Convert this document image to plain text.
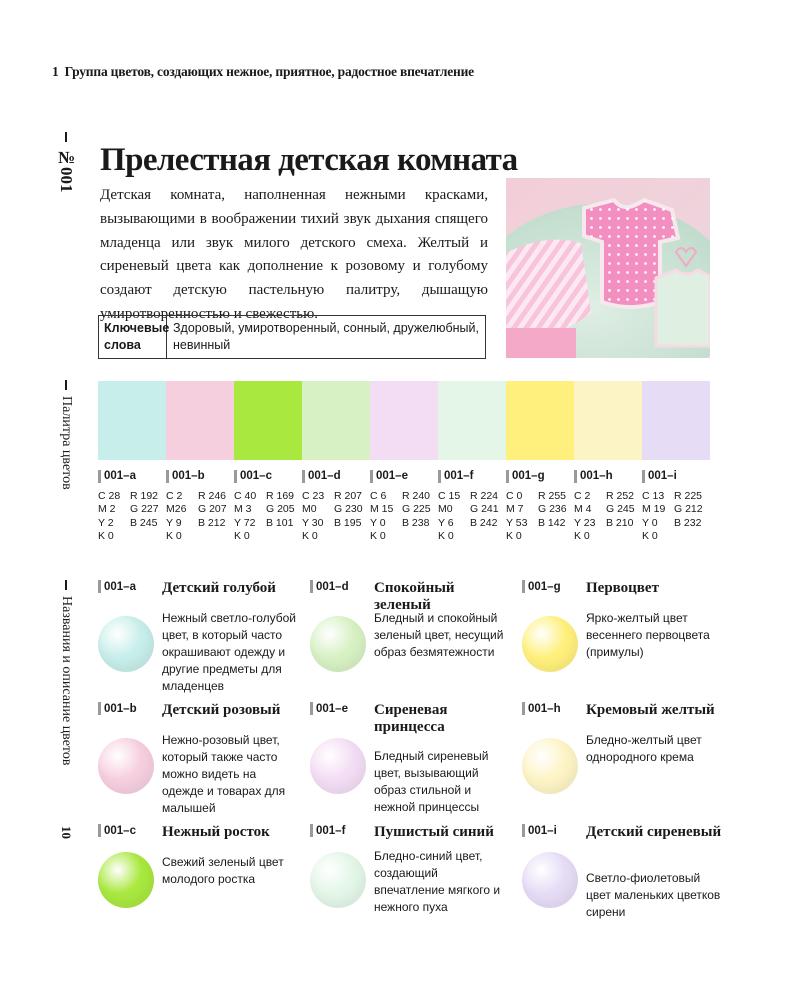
1 Группа цветов, создающих нежное, приятное, радостное впечатление
№001
Палитра цветов
Названия и описание цветов
10
Прелестная детская комната

Детская комната, наполненная нежными красками, вызывающими в воображении тихий звук дыхания спящего младенца или звук милого детского смеха. Желтый и сиреневый цвета как дополнение к розовому и голубому создают детскую пастельную палитру, дышащую умиротворенностью и свежестью.

Ключевые слова
Здоровый, умиротворенный, сонный, дружелюбный, невинный
001–a
C 28 R 192
M 2	G 227
Y 2	B 245
K 0
001–b
C 2	R 246
M26	G 207
Y 9	B 212
K 0
001–c
C 40 R 169
M 3	G 205
Y 72	B 101
K 0
001–d
C 23 R 207
M0	G 230
Y 30	B 195
K 0
001–e
C 6	R 240
M 15 G 225
Y 0	B 238
K 0
001–f
C 15 R 224
M0	G 241
Y 6	B 242
K 0
001–g
C 0	R 255
M 7	G 236
Y 53	B 142
K 0
001–h
C 2	R 252
M 4	G 245
Y 23	B 210
K 0
001–i
C 13 R 225
M 19 G 212
Y 0	B 232
K 0
001–a Детский голубой
Нежный светло-голубой цвет, в который часто окрашивают одежду и другие предметы для младенцев
001–b Детский розовый
Нежно-розовый цвет, который также часто можно видеть на одежде и товарах для малышей
001–c Нежный росток
Свежий зеленый цвет молодого ростка
001–d Спокойный зеленый
Бледный и спокойный зеленый цвет, несущий образ безмятежности
001–e Сиреневая принцесса
Бледный сиреневый цвет, вызывающий образ стильной и нежной принцессы
001–f Пушистый синий
Бледно-синий цвет, создающий впечатление мягкого и нежного пуха
001–g Первоцвет
Ярко-желтый цвет весеннего первоцвета (примулы)
001–h Кремовый желтый
Бледно-желтый цвет однородного крема
001–i Детский сиреневый
Светло-фиолетовый цвет маленьких цветков сирени
